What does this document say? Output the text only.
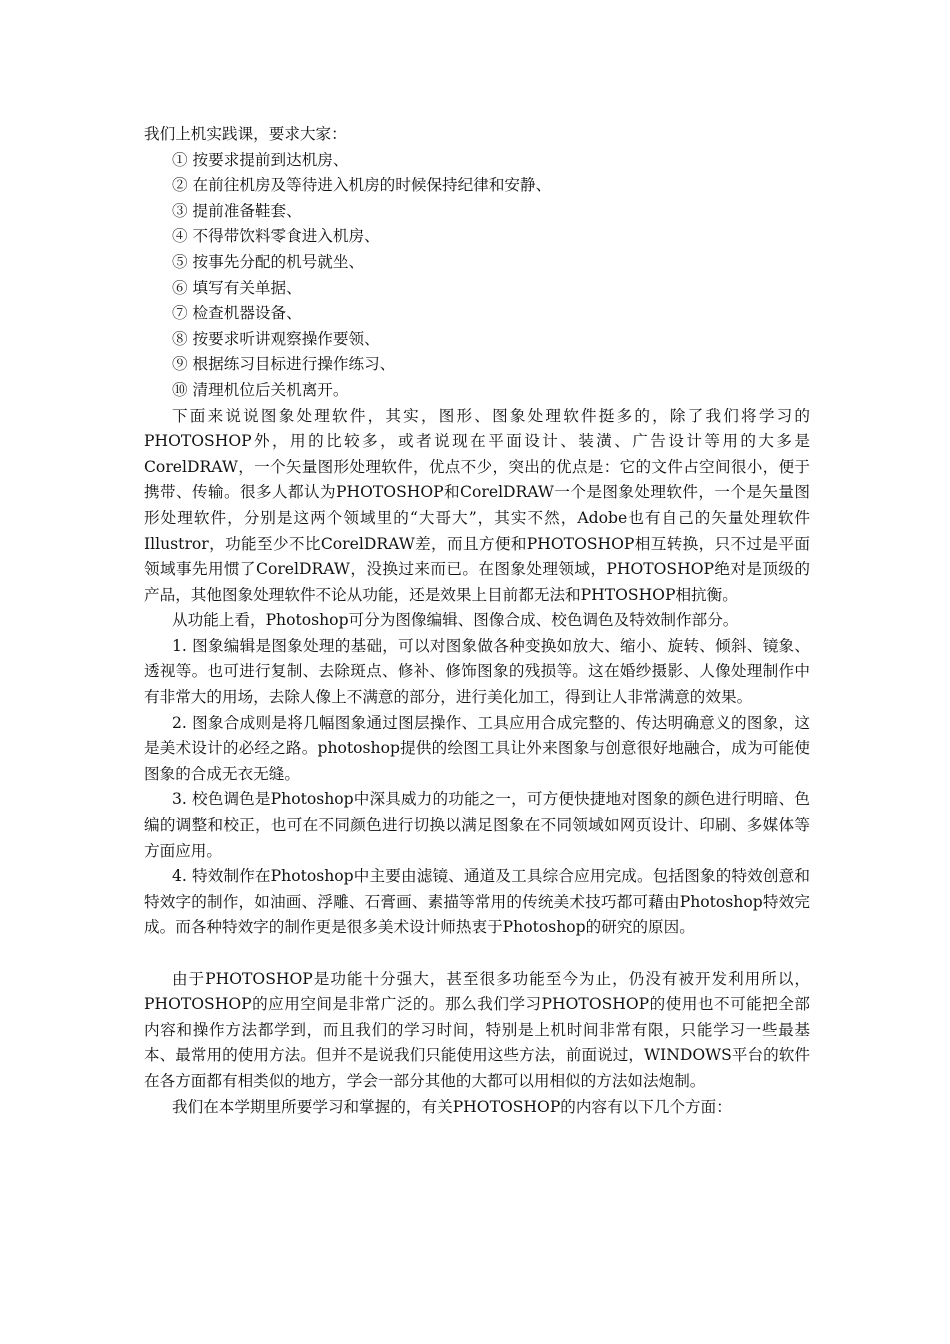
我们上机实践课，要求大家：

① 按要求提前到达机房、
② 在前往机房及等待进入机房的时候保持纪律和安静、
③ 提前准备鞋套、
④ 不得带饮料零食进入机房、
⑤ 按事先分配的机号就坐、
⑥ 填写有关单据、
⑦ 检查机器设备、
⑧ 按要求听讲观察操作要领、
⑨ 根据练习目标进行操作练习、
⑩ 清理机位后关机离开。

下面来说说图象处理软件，其实，图形、图象处理软件挺多的，除了我们将学习的PHOTOSHOP外，用的比较多，或者说现在平面设计、装潢、广告设计等用的大多是CorelDRAW，一个矢量图形处理软件，优点不少，突出的优点是：它的文件占空间很小，便于携带、传输。很多人都认为PHOTOSHOP和CorelDRAW一个是图象处理软件，一个是矢量图形处理软件，分别是这两个领域里的“大哥大”，其实不然，Adobe也有自己的矢量处理软件Illustror，功能至少不比CorelDRAW差，而且方便和PHOTOSHOP相互转换，只不过是平面领域事先用惯了CorelDRAW，没换过来而已。在图象处理领域，PHOTOSHOP绝对是顶级的产品，其他图象处理软件不论从功能，还是效果上目前都无法和PHTOSHOP相抗衡。

从功能上看，Photoshop可分为图像编辑、图像合成、校色调色及特效制作部分。

1. 图象编辑是图象处理的基础，可以对图象做各种变换如放大、缩小、旋转、倾斜、镜象、透视等。也可进行复制、去除斑点、修补、修饰图象的残损等。这在婚纱摄影、人像处理制作中有非常大的用场，去除人像上不满意的部分，进行美化加工，得到让人非常满意的效果。

2. 图象合成则是将几幅图象通过图层操作、工具应用合成完整的、传达明确意义的图象，这是美术设计的必经之路。photoshop提供的绘图工具让外来图象与创意很好地融合，成为可能使图象的合成无衣无缝。

3. 校色调色是Photoshop中深具威力的功能之一，可方便快捷地对图象的颜色进行明暗、色编的调整和校正，也可在不同颜色进行切换以满足图象在不同领域如网页设计、印刷、多媒体等方面应用。

4. 特效制作在Photoshop中主要由滤镜、通道及工具综合应用完成。包括图象的特效创意和特效字的制作，如油画、浮雕、石膏画、素描等常用的传统美术技巧都可藉由Photoshop特效完成。而各种特效字的制作更是很多美术设计师热衷于Photoshop的研究的原因。

由于PHOTOSHOP是功能十分强大，甚至很多功能至今为止，仍没有被开发利用所以，PHOTOSHOP的应用空间是非常广泛的。那么我们学习PHOTOSHOP的使用也不可能把全部内容和操作方法都学到，而且我们的学习时间，特别是上机时间非常有限，只能学习一些最基本、最常用的使用方法。但并不是说我们只能使用这些方法，前面说过，WINDOWS平台的软件在各方面都有相类似的地方，学会一部分其他的大都可以用相似的方法如法炮制。

我们在本学期里所要学习和掌握的，有关PHOTOSHOP的内容有以下几个方面：
